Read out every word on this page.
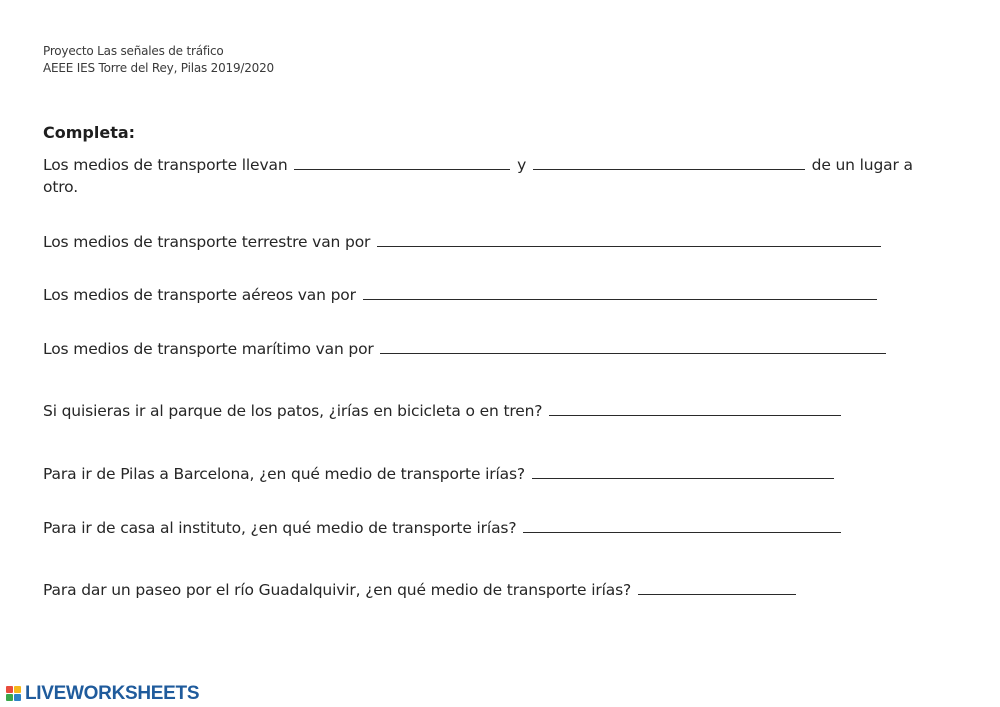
Proyecto Las señales de tráfico
AEEE IES Torre del Rey, Pilas 2019/2020
Completa:
Los medios de transporte llevan	y	de un lugar a
otro.
Los medios de transporte terrestre van por
Los medios de transporte aéreos van por
Los medios de transporte marítimo van por
Si quisieras ir al parque de los patos, ¿irías en bicicleta o en tren?
Para ir de Pilas a Barcelona, ¿en qué medio de transporte irías?
Para ir de casa al instituto, ¿en qué medio de transporte irías?
Para dar un paseo por el río Guadalquivir, ¿en qué medio de transporte irías?
LIVEWORKSHEETS
